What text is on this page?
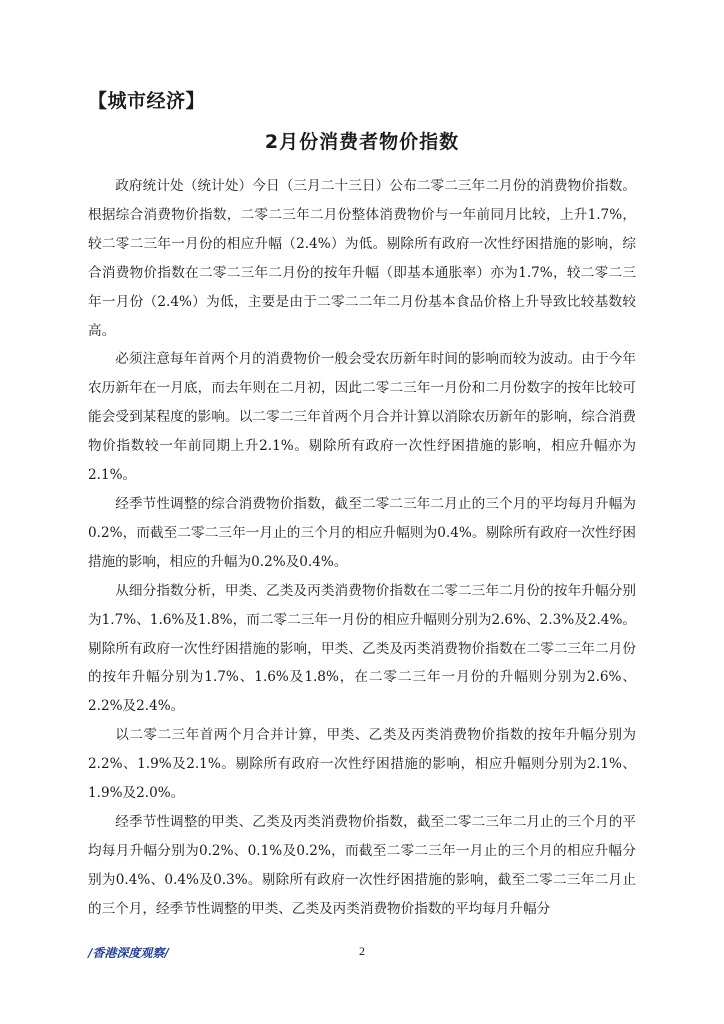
【城市经济】
2月份消费者物价指数

政府统计处（统计处）今日（三月二十三日）公布二零二三年二月份的消费物价指数。根据综合消费物价指数，二零二三年二月份整体消费物价与一年前同月比较，上升1.7%，较二零二三年一月份的相应升幅（2.4%）为低。剔除所有政府一次性纾困措施的影响，综合消费物价指数在二零二三年二月份的按年升幅（即基本通胀率）亦为1.7%，较二零二三年一月份（2.4%）为低，主要是由于二零二二年二月份基本食品价格上升导致比较基数较高。

必须注意每年首两个月的消费物价一般会受农历新年时间的影响而较为波动。由于今年农历新年在一月底，而去年则在二月初，因此二零二三年一月份和二月份数字的按年比较可能会受到某程度的影响。以二零二三年首两个月合并计算以消除农历新年的影响，综合消费物价指数较一年前同期上升2.1%。剔除所有政府一次性纾困措施的影响，相应升幅亦为2.1%。

经季节性调整的综合消费物价指数，截至二零二三年二月止的三个月的平均每月升幅为0.2%，而截至二零二三年一月止的三个月的相应升幅则为0.4%。剔除所有政府一次性纾困措施的影响，相应的升幅为0.2%及0.4%。

从细分指数分析，甲类、乙类及丙类消费物价指数在二零二三年二月份的按年升幅分别为1.7%、1.6%及1.8%，而二零二三年一月份的相应升幅则分别为2.6%、2.3%及2.4%。剔除所有政府一次性纾困措施的影响，甲类、乙类及丙类消费物价指数在二零二三年二月份的按年升幅分别为1.7%、1.6%及1.8%，在二零二三年一月份的升幅则分别为2.6%、2.2%及2.4%。

以二零二三年首两个月合并计算，甲类、乙类及丙类消费物价指数的按年升幅分别为2.2%、1.9%及2.1%。剔除所有政府一次性纾困措施的影响，相应升幅则分别为2.1%、1.9%及2.0%。

经季节性调整的甲类、乙类及丙类消费物价指数，截至二零二三年二月止的三个月的平均每月升幅分别为0.2%、0.1%及0.2%，而截至二零二三年一月止的三个月的相应升幅分别为0.4%、0.4%及0.3%。剔除所有政府一次性纾困措施的影响，截至二零二三年二月止的三个月，经季节性调整的甲类、乙类及丙类消费物价指数的平均每月升幅分

/香港深度观察/	2
